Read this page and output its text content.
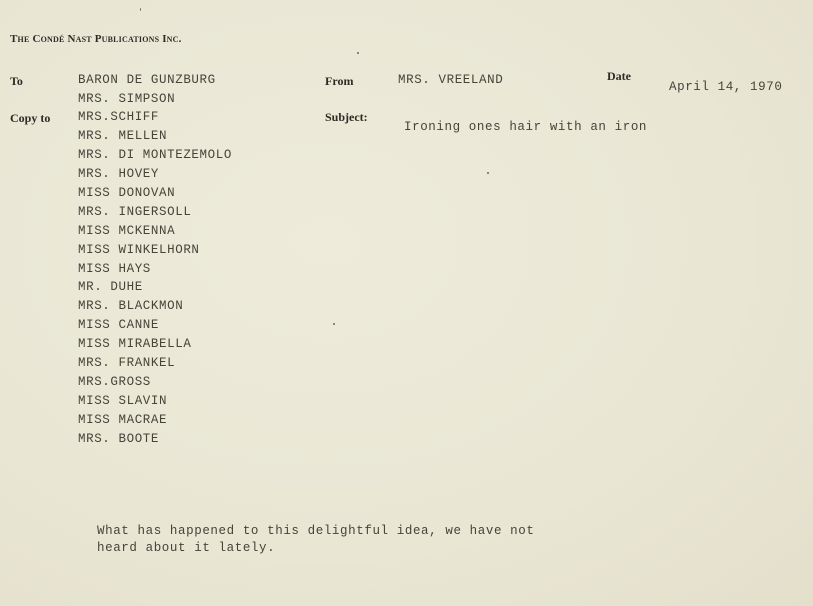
The Condé Nast Publications Inc.
To	BARON DE GUNZBURG
MRS. SIMPSON
From	MRS. VREELAND	Date
April 14, 1970
Copy to MRS.SCHIFF
MRS. MELLEN
MRS. DI MONTEZEMOLO
MRS. HOVEY
MISS DONOVAN
MRS. INGERSOLL
MISS MCKENNA
MISS WINKELHORN
MISS HAYS
MR. DUHE
MRS. BLACKMON
MISS CANNE
MISS MIRABELLA
MRS. FRANKEL
MRS.GROSS
MISS SLAVIN
MISS MACRAE
MRS. BOOTE
Subject:
Ironing ones hair with an iron
What has happened to this delightful idea, we have not
heard about it lately.
